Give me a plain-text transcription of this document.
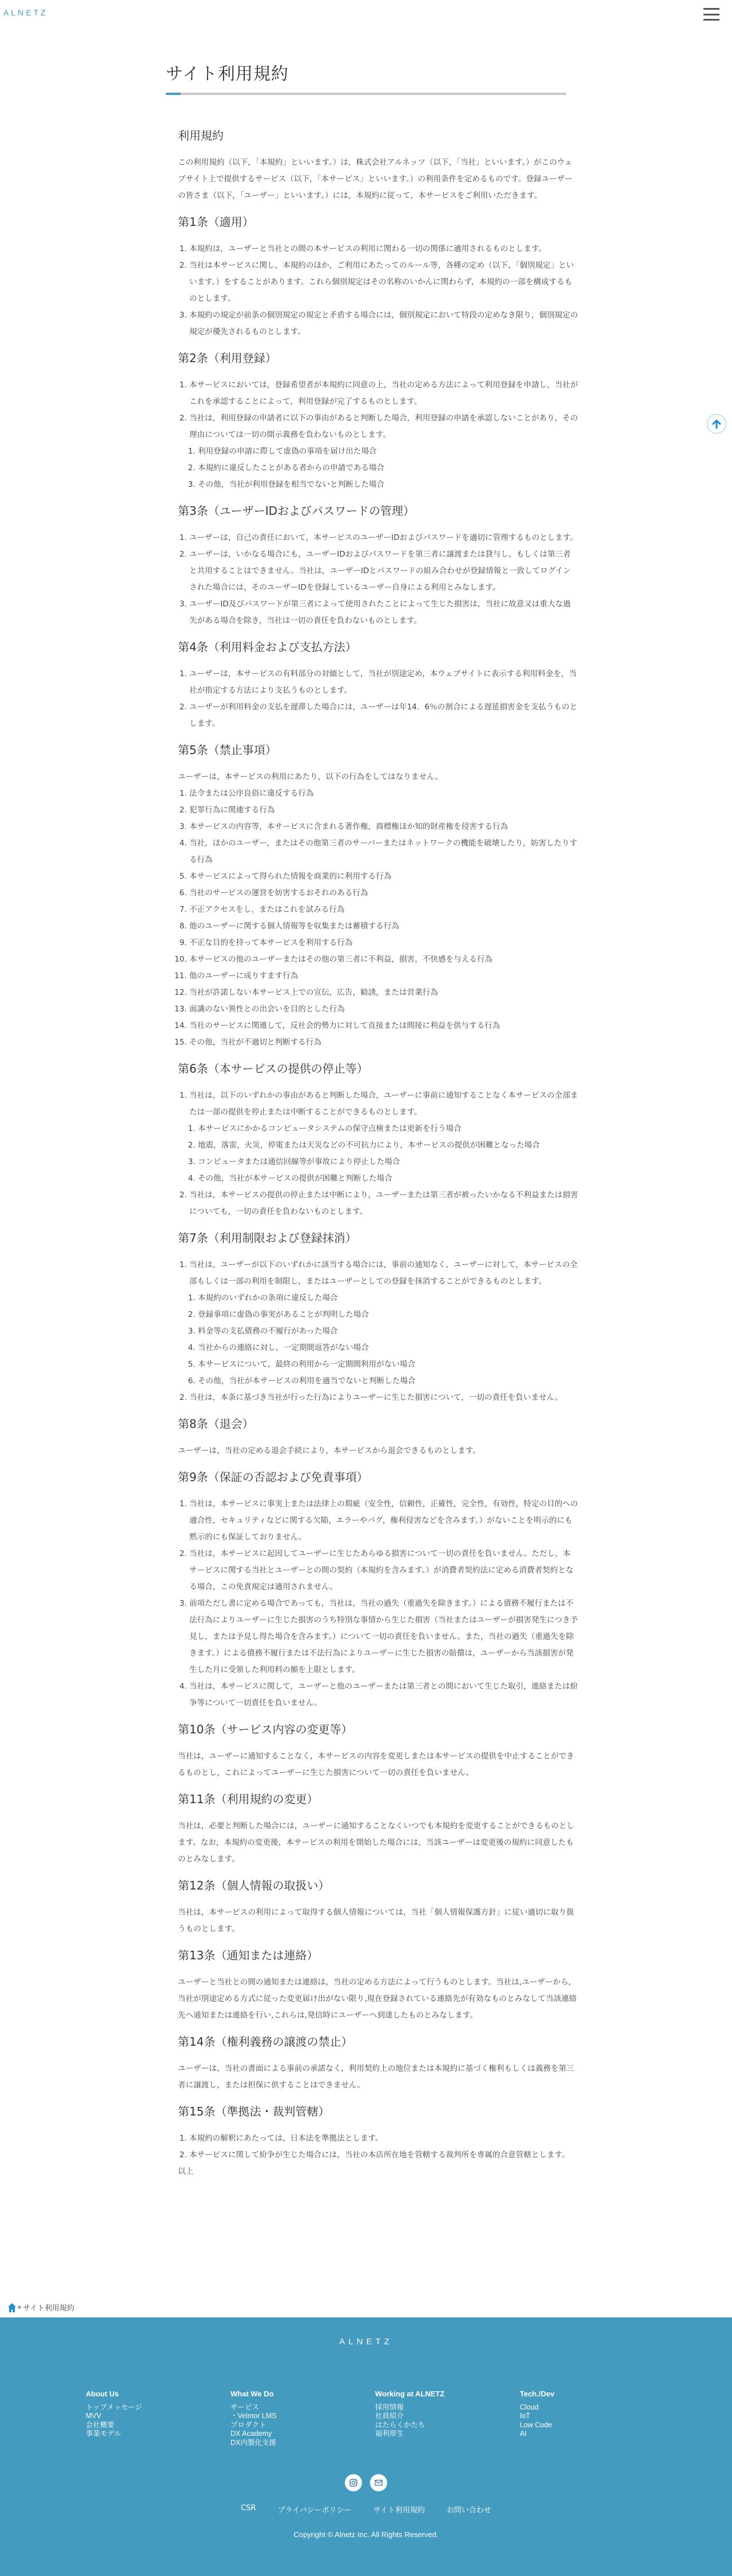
ALNETZ
サイト利用規約
利用規約

この利用規約（以下，「本規約」といいます。）は，株式会社アルネッツ（以下，「当社」といいます。）がこのウェブサイト上で提供するサービス（以下，「本サービス」といいます。）の利用条件を定めるものです。登録ユーザーの皆さま（以下，「ユーザー」といいます。）には，本規約に従って，本サービスをご利用いただきます。

第1条（適用）
1. 本規約は，ユーザーと当社との間の本サービスの利用に関わる一切の関係に適用されるものとします。
2. 当社は本サービスに関し，本規約のほか，ご利用にあたってのルール等，各種の定め（以下，「個別規定」といいます。）をすることがあります。これら個別規定はその名称のいかんに関わらず，本規約の一部を構成するものとします。
3. 本規約の規定が前条の個別規定の規定と矛盾する場合には，個別規定において特段の定めなき限り，個別規定の規定が優先されるものとします。
第2条（利用登録）
1. 本サービスにおいては，登録希望者が本規約に同意の上，当社の定める方法によって利用登録を申請し，当社がこれを承認することによって，利用登録が完了するものとします。
2. 当社は，利用登録の申請者に以下の事由があると判断した場合，利用登録の申請を承認しないことがあり，その理由については一切の開示義務を負わないものとします。
1. 利用登録の申請に際して虚偽の事項を届け出た場合
2. 本規約に違反したことがある者からの申請である場合
3. その他，当社が利用登録を相当でないと判断した場合
第3条（ユーザーIDおよびパスワードの管理）
1. ユーザーは，自己の責任において，本サービスのユーザーIDおよびパスワードを適切に管理するものとします。
2. ユーザーは，いかなる場合にも，ユーザーIDおよびパスワードを第三者に譲渡または貸与し，もしくは第三者と共用することはできません。当社は，ユーザーIDとパスワードの組み合わせが登録情報と一致してログインされた場合には，そのユーザーIDを登録しているユーザー自身による利用とみなします。
3. ユーザーID及びパスワードが第三者によって使用されたことによって生じた損害は，当社に故意又は重大な過失がある場合を除き，当社は一切の責任を負わないものとします。
第4条（利用料金および支払方法）
1. ユーザーは，本サービスの有料部分の対価として，当社が別途定め，本ウェブサイトに表示する利用料金を，当社が指定する方法により支払うものとします。
2. ユーザーが利用料金の支払を遅滞した場合には，ユーザーは年14．6％の割合による遅延損害金を支払うものとします。
第5条（禁止事項）

ユーザーは，本サービスの利用にあたり，以下の行為をしてはなりません。

1. 法令または公序良俗に違反する行為
2. 犯罪行為に関連する行為
3. 本サービスの内容等，本サービスに含まれる著作権，商標権ほか知的財産権を侵害する行為
4. 当社，ほかのユーザー，またはその他第三者のサーバーまたはネットワークの機能を破壊したり，妨害したりする行為
5. 本サービスによって得られた情報を商業的に利用する行為
6. 当社のサービスの運営を妨害するおそれのある行為
7. 不正アクセスをし，またはこれを試みる行為
8. 他のユーザーに関する個人情報等を収集または蓄積する行為
9. 不正な目的を持って本サービスを利用する行為
10. 本サービスの他のユーザーまたはその他の第三者に不利益，損害，不快感を与える行為
11. 他のユーザーに成りすます行為
12. 当社が許諾しない本サービス上での宣伝，広告，勧誘，または営業行為
13. 面識のない異性との出会いを目的とした行為
14. 当社のサービスに関連して，反社会的勢力に対して直接または間接に利益を供与する行為
15. その他，当社が不適切と判断する行為
第6条（本サービスの提供の停止等）
1. 当社は，以下のいずれかの事由があると判断した場合，ユーザーに事前に通知することなく本サービスの全部または一部の提供を停止または中断することができるものとします。
1. 本サービスにかかるコンピュータシステムの保守点検または更新を行う場合
2. 地震，落雷，火災，停電または天災などの不可抗力により，本サービスの提供が困難となった場合
3. コンピュータまたは通信回線等が事故により停止した場合
4. その他，当社が本サービスの提供が困難と判断した場合
2. 当社は，本サービスの提供の停止または中断により，ユーザーまたは第三者が被ったいかなる不利益または損害についても，一切の責任を負わないものとします。
第7条（利用制限および登録抹消）
1. 当社は，ユーザーが以下のいずれかに該当する場合には，事前の通知なく，ユーザーに対して，本サービスの全部もしくは一部の利用を制限し，またはユーザーとしての登録を抹消することができるものとします。
1. 本規約のいずれかの条項に違反した場合
2. 登録事項に虚偽の事実があることが判明した場合
3. 料金等の支払債務の不履行があった場合
4. 当社からの連絡に対し，一定期間返答がない場合
5. 本サービスについて，最終の利用から一定期間利用がない場合
6. その他，当社が本サービスの利用を適当でないと判断した場合
2. 当社は，本条に基づき当社が行った行為によりユーザーに生じた損害について，一切の責任を負いません。
第8条（退会）

ユーザーは，当社の定める退会手続により，本サービスから退会できるものとします。

第9条（保証の否認および免責事項）
1. 当社は，本サービスに事実上または法律上の瑕疵（安全性，信頼性，正確性，完全性，有効性，特定の目的への適合性，セキュリティなどに関する欠陥，エラーやバグ，権利侵害などを含みます。）がないことを明示的にも黙示的にも保証しておりません。
2. 当社は，本サービスに起因してユーザーに生じたあらゆる損害について一切の責任を負いません。ただし，本サービスに関する当社とユーザーとの間の契約（本規約を含みます。）が消費者契約法に定める消費者契約となる場合，この免責規定は適用されません。
3. 前項ただし書に定める場合であっても，当社は，当社の過失（重過失を除きます。）による債務不履行または不法行為によりユーザーに生じた損害のうち特別な事情から生じた損害（当社またはユーザーが損害発生につき予見し，または予見し得た場合を含みます。）について一切の責任を負いません。また，当社の過失（重過失を除きます。）による債務不履行または不法行為によりユーザーに生じた損害の賠償は，ユーザーから当該損害が発生した月に受領した利用料の額を上限とします。
4. 当社は，本サービスに関して，ユーザーと他のユーザーまたは第三者との間において生じた取引，連絡または紛争等について一切責任を負いません。
第10条（サービス内容の変更等）

当社は，ユーザーに通知することなく，本サービスの内容を変更しまたは本サービスの提供を中止することができるものとし，これによってユーザーに生じた損害について一切の責任を負いません。

第11条（利用規約の変更）

当社は，必要と判断した場合には，ユーザーに通知することなくいつでも本規約を変更することができるものとします。なお，本規約の変更後，本サービスの利用を開始した場合には，当該ユーザーは変更後の規約に同意したものとみなします。

第12条（個人情報の取扱い）

当社は，本サービスの利用によって取得する個人情報については，当社「個人情報保護方針」に従い適切に取り扱うものとします。

第13条（通知または連絡）

ユーザーと当社との間の通知または連絡は，当社の定める方法によって行うものとします。当社は,ユーザーから,当社が別途定める方式に従った変更届け出がない限り,現在登録されている連絡先が有効なものとみなして当該連絡先へ通知または連絡を行い,これらは,発信時にユーザーへ到達したものとみなします。

第14条（権利義務の譲渡の禁止）

ユーザーは，当社の書面による事前の承諾なく，利用契約上の地位または本規約に基づく権利もしくは義務を第三者に譲渡し，または担保に供することはできません。

第15条（準拠法・裁判管轄）
1. 本規約の解釈にあたっては，日本法を準拠法とします。
2. 本サービスに関して紛争が生じた場合には，当社の本店所在地を管轄する裁判所を専属的合意管轄とします。

以上

» サイト利用規約
ALNETZ
About Us
トップメッセージ
MVV
会社概要
事業モデル
What We Do
サービス
・Velmor LMS
プロダクト
DX Academy
DX内製化支援
Working at ALNETZ
採用情報
社員紹介
はたらくかたち
福利厚生
Tech./Dev
Cloud
IoT
Low Code
AI
CSR	プライバシーポリシー	サイト利用規約	お問い合わせ
Copyright © Alnetz Inc. All Rights Reserved.
